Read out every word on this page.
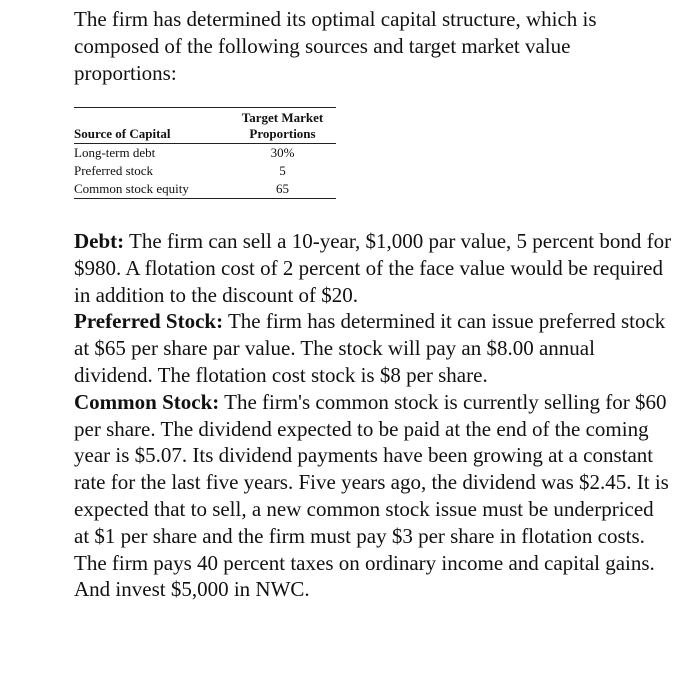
The firm has determined its optimal capital structure, which is composed of the following sources and target market value proportions:

Source of Capital	Target Market
Proportions
Long-term debt	30%
Preferred stock	5
Common stock equity	65

Debt: The firm can sell a 10-year, $1,000 par value, 5 percent bond for $980. A flotation cost of 2 percent of the face value would be required in addition to the discount of $20.

Preferred Stock: The firm has determined it can issue preferred stock at $65 per share par value. The stock will pay an $8.00 annual dividend. The flotation cost stock is $8 per share.

Common Stock: The firm's common stock is currently selling for $60 per share. The dividend expected to be paid at the end of the coming year is $5.07. Its dividend payments have been growing at a constant rate for the last five years. Five years ago, the dividend was $2.45. It is expected that to sell, a new common stock issue must be underpriced at $1 per share and the firm must pay $3 per share in flotation costs.

The firm pays 40 percent taxes on ordinary income and capital gains. And invest $5,000 in NWC.
